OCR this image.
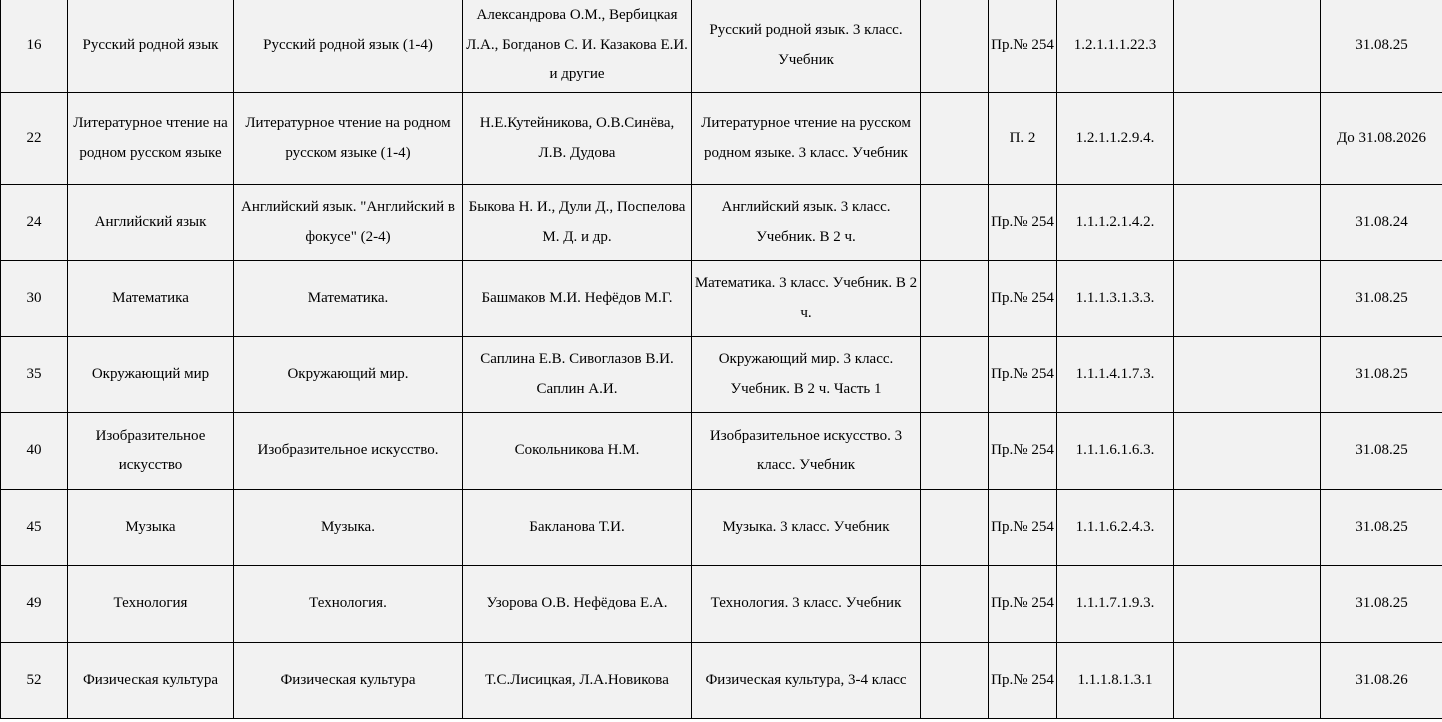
16	Русский родной язык	Русский родной язык (1-4)	Александрова О.М., Вербицкая Л.А., Богданов С. И. Казакова Е.И. и другие	Русский родной язык. 3 класс. Учебник		Пр.№ 254	1.2.1.1.1.22.3		31.08.25
22	Литературное чтение на родном русском языке	Литературное чтение на родном русском языке (1-4)	Н.Е.Кутейникова, О.В.Синёва, Л.В. Дудова	Литературное чтение на русском родном языке. 3 класс. Учебник		П. 2	1.2.1.1.2.9.4.		До 31.08.2026
24	Английский язык	Английский язык. "Английский в фокусе" (2-4)	Быкова Н. И., Дули Д., Поспелова М. Д. и др.	Английский язык. 3 класс. Учебник. В 2 ч.		Пр.№ 254	1.1.1.2.1.4.2.		31.08.24
30	Математика	Математика.	Башмаков М.И. Нефёдов М.Г.	Математика. 3 класс. Учебник. В 2 ч.		Пр.№ 254	1.1.1.3.1.3.3.		31.08.25
35	Окружающий мир	Окружающий мир.	Саплина Е.В. Сивоглазов В.И. Саплин А.И.	Окружающий мир. 3 класс. Учебник. В 2 ч. Часть 1		Пр.№ 254	1.1.1.4.1.7.3.		31.08.25
40	Изобразительное искусство	Изобразительное искусство.	Сокольникова Н.М.	Изобразительное искусство. 3 класс. Учебник		Пр.№ 254	1.1.1.6.1.6.3.		31.08.25
45	Музыка	Музыка.	Бакланова Т.И.	Музыка. 3 класс. Учебник		Пр.№ 254	1.1.1.6.2.4.3.		31.08.25
49	Технология	Технология.	Узорова О.В. Нефёдова Е.А.	Технология. 3 класс. Учебник		Пр.№ 254	1.1.1.7.1.9.3.		31.08.25
52	Физическая культура	Физическая культура	Т.С.Лисицкая, Л.А.Новикова	Физическая культура, 3-4 класс		Пр.№ 254	1.1.1.8.1.3.1		31.08.26
